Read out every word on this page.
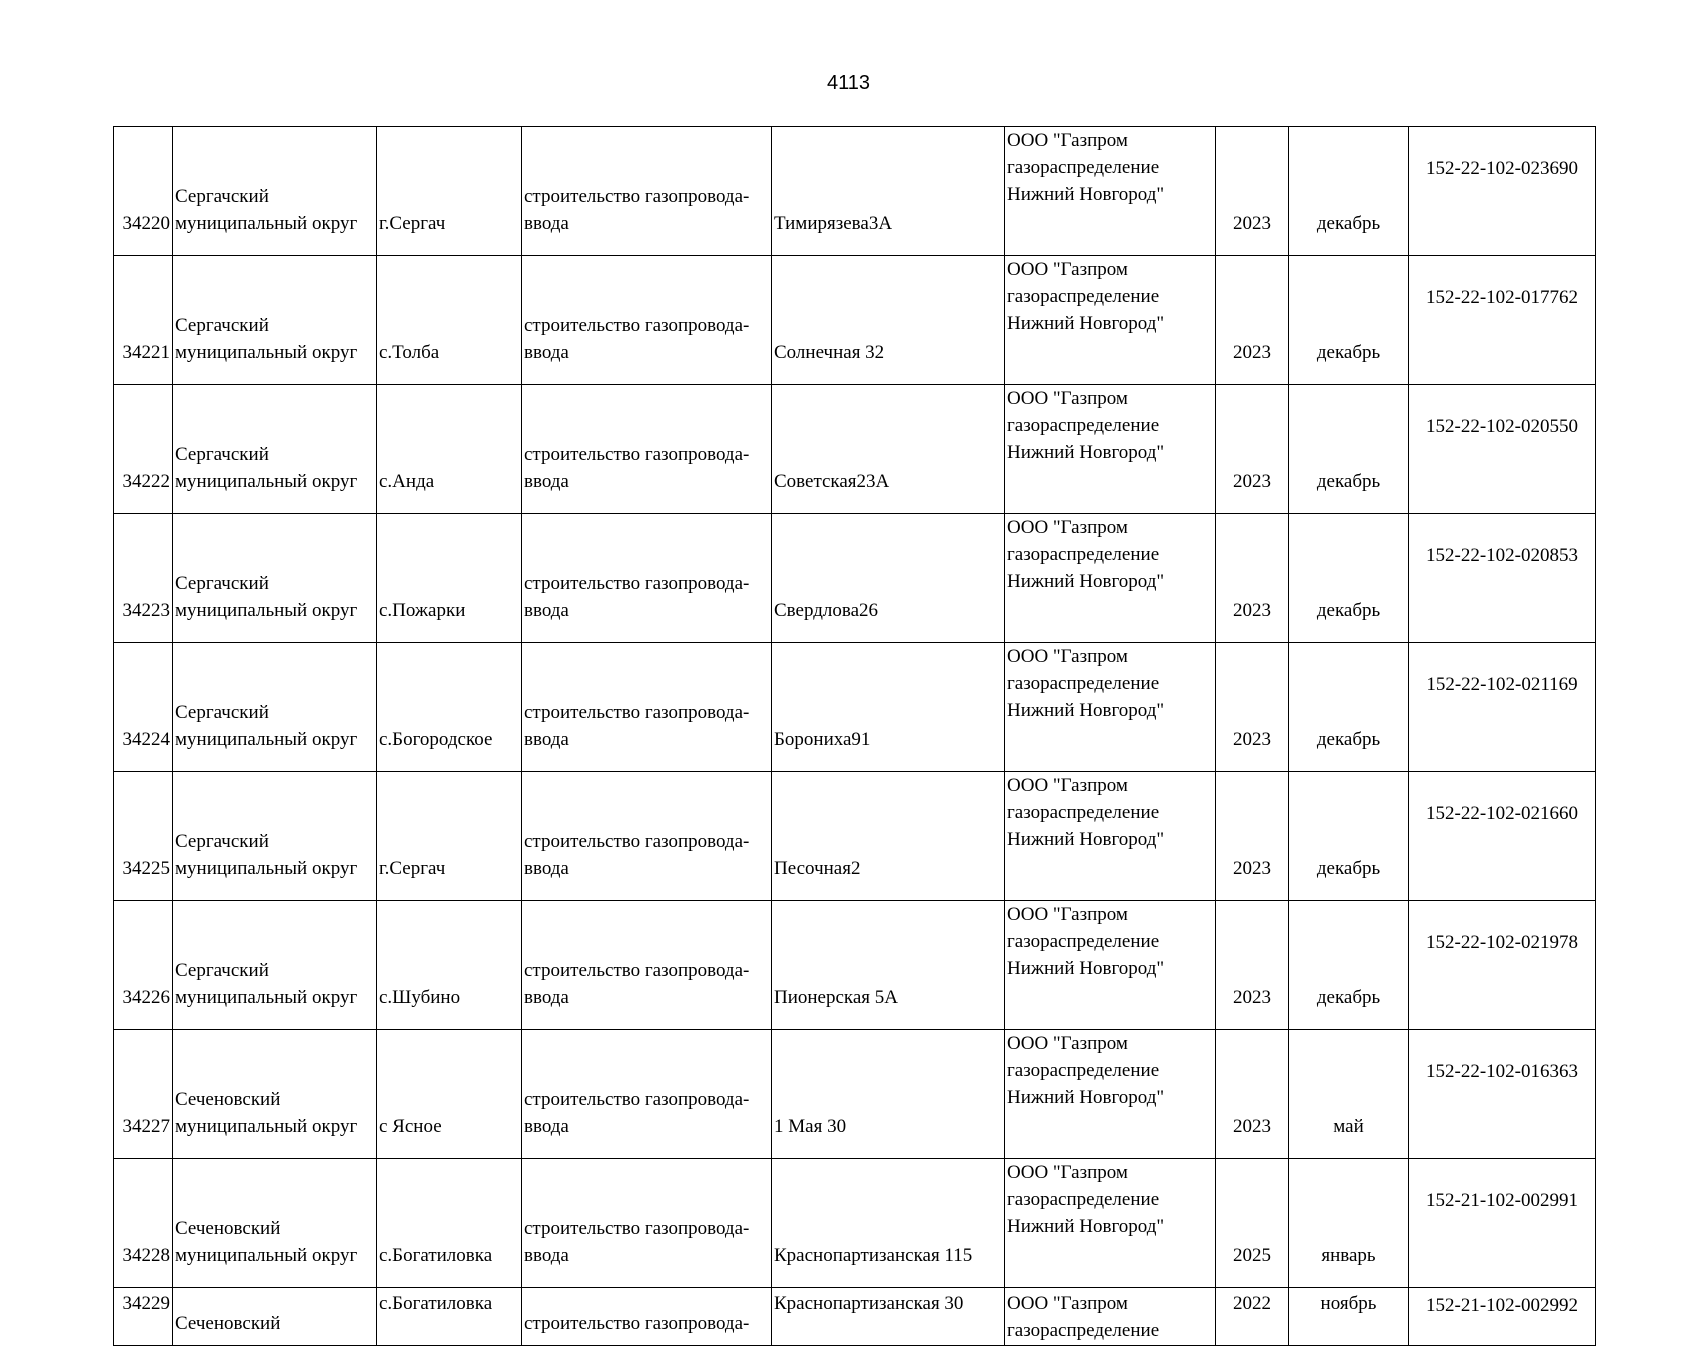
4113
34220	Сергачский муниципальный округ	г.Сергач	строительство газопровода-ввода	Тимирязева3А	ООО "Газпром газораспределение Нижний Новгород"	2023	декабрь	152-22-102-023690
34221	Сергачский муниципальный округ	с.Толба	строительство газопровода-ввода	Солнечная 32	ООО "Газпром газораспределение Нижний Новгород"	2023	декабрь	152-22-102-017762
34222	Сергачский муниципальный округ	с.Анда	строительство газопровода-ввода	Советская23А	ООО "Газпром газораспределение Нижний Новгород"	2023	декабрь	152-22-102-020550
34223	Сергачский муниципальный округ	с.Пожарки	строительство газопровода-ввода	Свердлова26	ООО "Газпром газораспределение Нижний Новгород"	2023	декабрь	152-22-102-020853
34224	Сергачский муниципальный округ	с.Богородское	строительство газопровода-ввода	Борониха91	ООО "Газпром газораспределение Нижний Новгород"	2023	декабрь	152-22-102-021169
34225	Сергачский муниципальный округ	г.Сергач	строительство газопровода-ввода	Песочная2	ООО "Газпром газораспределение Нижний Новгород"	2023	декабрь	152-22-102-021660
34226	Сергачский муниципальный округ	с.Шубино	строительство газопровода-ввода	Пионерская 5А	ООО "Газпром газораспределение Нижний Новгород"	2023	декабрь	152-22-102-021978
34227	Сеченовский муниципальный округ	с Ясное	строительство газопровода-ввода	1 Мая 30	ООО "Газпром газораспределение Нижний Новгород"	2023	май	152-22-102-016363
34228	Сеченовский муниципальный округ	с.Богатиловка	строительство газопровода-ввода	Краснопартизанская 115	ООО "Газпром газораспределение Нижний Новгород"	2025	январь	152-21-102-002991

34229	Сеченовский	с.Богатиловка	строительство газопровода-	Краснопартизанская 30	ООО "Газпром газораспределение	2022	ноябрь	152-21-102-002992
